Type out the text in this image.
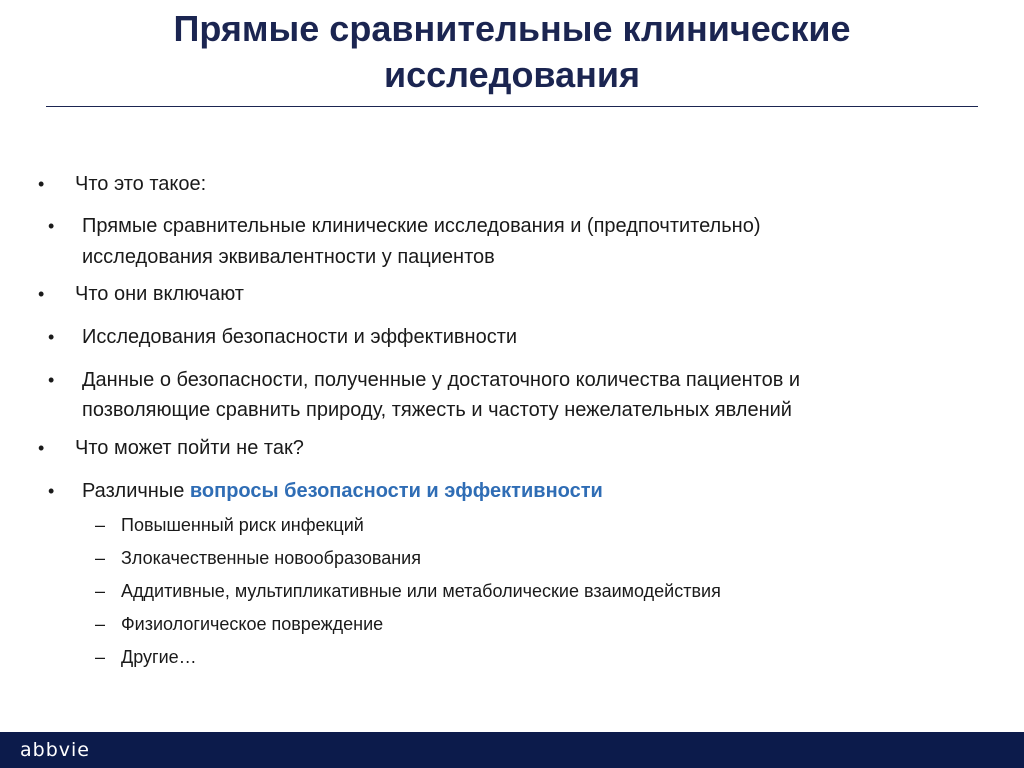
Прямые сравнительные клинические
исследования
• Что это такое:
• Прямые сравнительные клинические исследования и (предпочтительно)
исследования эквивалентности у пациентов
• Что они включают
• Исследования безопасности и эффективности
• Данные о безопасности, полученные у достаточного количества пациентов и
позволяющие сравнить природу, тяжесть и частоту нежелательных явлений
• Что может пойти не так?
• Различные вопросы безопасности и эффективности
– Повышенный риск инфекций
– Злокачественные новообразования
– Аддитивные, мультипликативные или метаболические взаимодействия
– Физиологическое повреждение
– Другие…
abbvie
